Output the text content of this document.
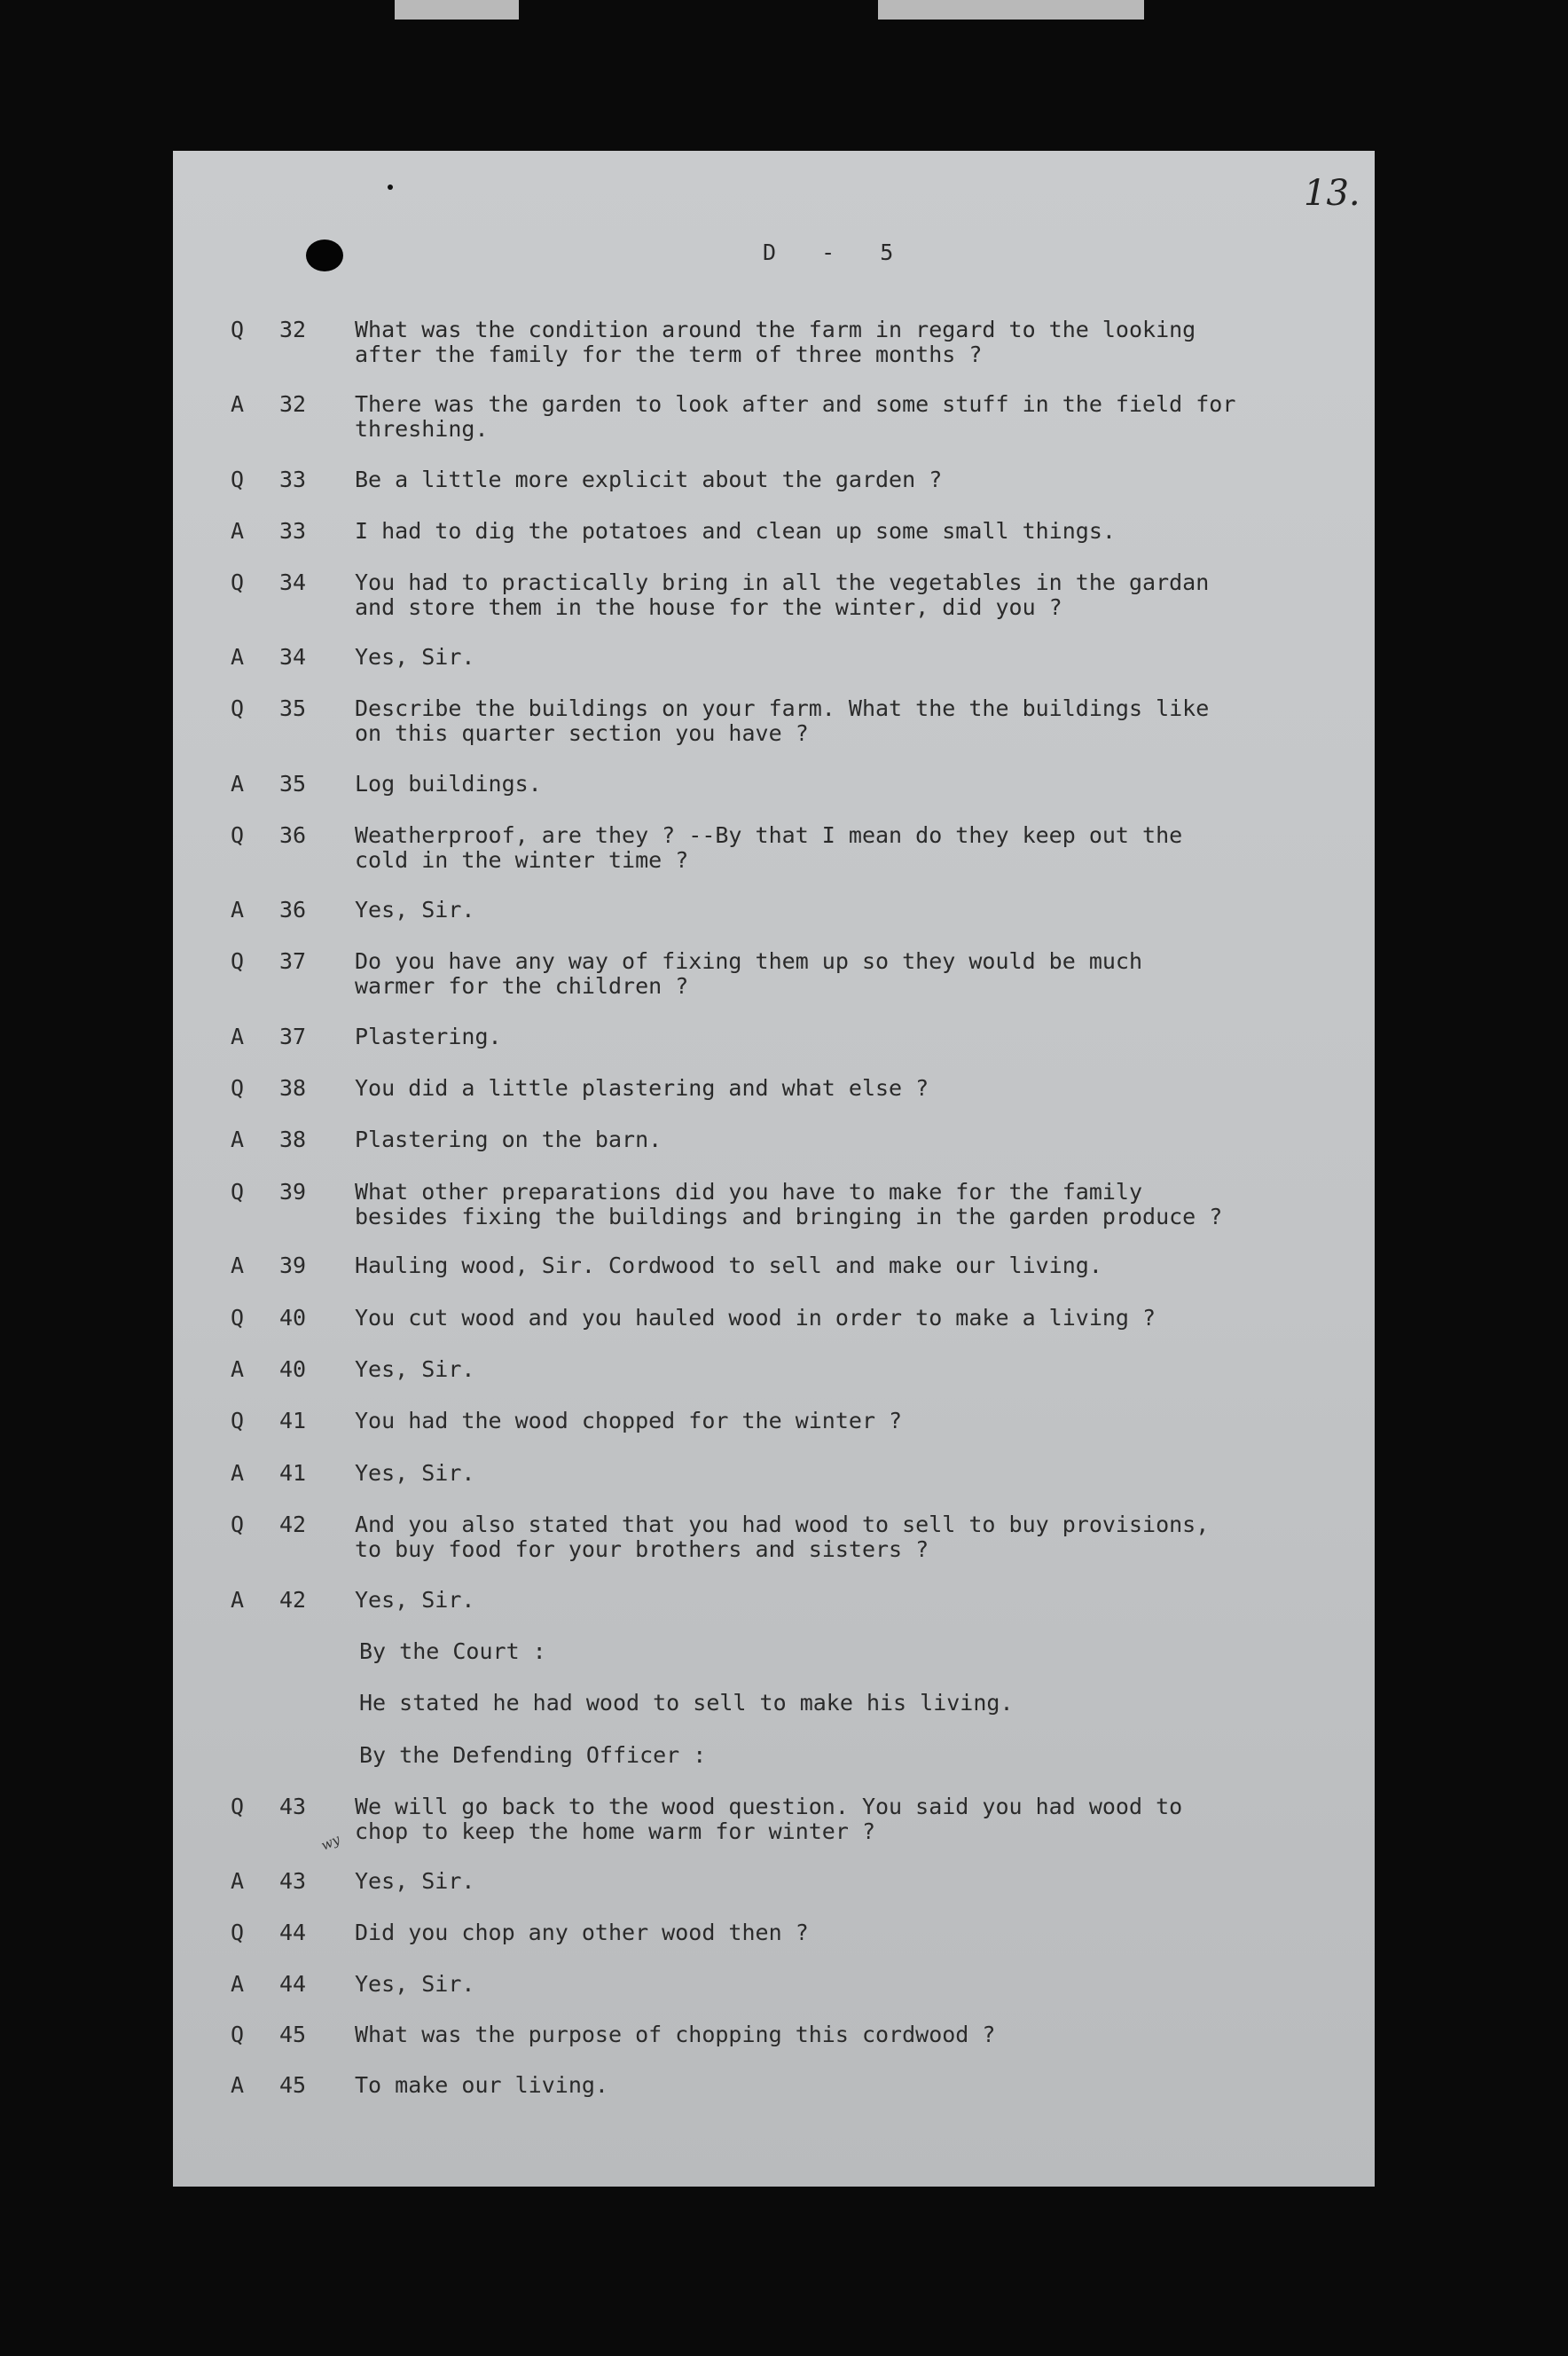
13.
D - 5
Q 32 What was the condition around the farm in regard to the looking
after the family for the term of three months ?
A 32 There was the garden to look after and some stuff in the field for
threshing.
Q 33 Be a little more explicit about the garden ?
A 33 I had to dig the potatoes and clean up some small things.
Q 34 You had to practically bring in all the vegetables in the gardan
and store them in the house for the winter, did you ?
A 34 Yes, Sir.
Q 35 Describe the buildings on your farm. What the the buildings like
on this quarter section you have ?
A 35 Log buildings.
Q 36 Weatherproof, are they ? --By that I mean do they keep out the
cold in the winter time ?
A 36 Yes, Sir.
Q 37 Do you have any way of fixing them up so they would be much
warmer for the children ?
A 37 Plastering.
Q 38 You did a little plastering and what else ?
A 38 Plastering on the barn.
Q 39 What other preparations did you have to make for the family
besides fixing the buildings and bringing in the garden produce ?
A 39 Hauling wood, Sir. Cordwood to sell and make our living.
Q 40 You cut wood and you hauled wood in order to make a living ?
A 40 Yes, Sir.
Q 41 You had the wood chopped for the winter ?
A 41 Yes, Sir.
Q 42 And you also stated that you had wood to sell to buy provisions,
to buy food for your brothers and sisters ?
A 42 Yes, Sir.
By the Court :
He stated he had wood to sell to make his living.
By the Defending Officer :
Q 43 We will go back to the wood question. You said you had wood to
chop to keep the home warm for winter ?
wy
A 43 Yes, Sir.
Q 44 Did you chop any other wood then ?
A 44 Yes, Sir.
Q 45 What was the purpose of chopping this cordwood ?
A 45 To make our living.
